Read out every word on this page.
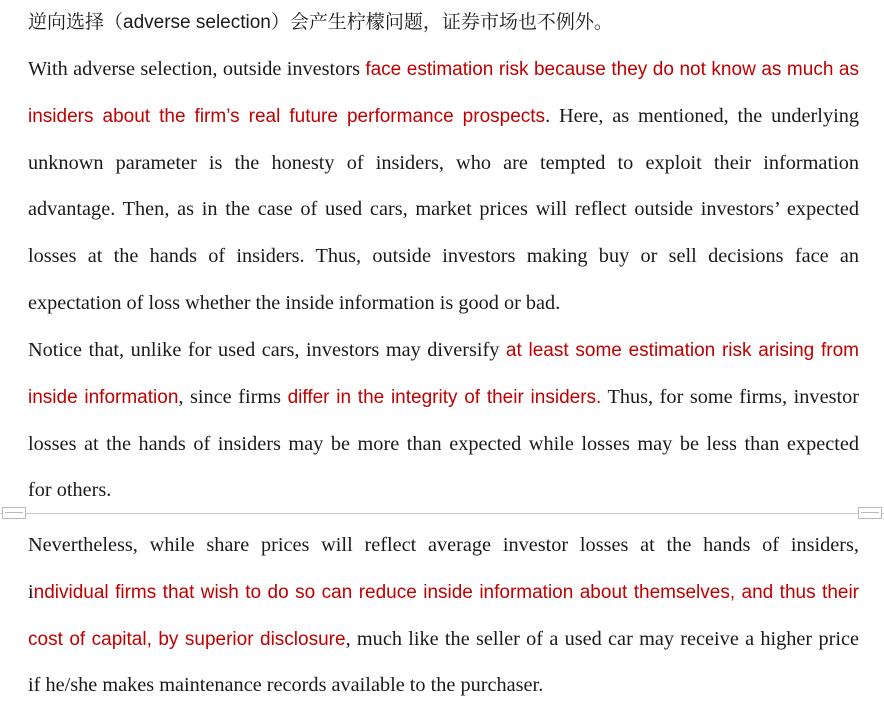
逆向选择（adverse selection）会产生柠檬问题，证券市场也不例外。
With adverse selection, outside investors face estimation risk because they do not know as much as
insiders about the firm’s real future performance prospects. Here, as mentioned, the underlying
unknown parameter is the honesty of insiders, who are tempted to exploit their information
advantage. Then, as in the case of used cars, market prices will reflect outside investors’ expected
losses at the hands of insiders. Thus, outside investors making buy or sell decisions face an
expectation of loss whether the inside information is good or bad.
Notice that, unlike for used cars, investors may diversify at least some estimation risk arising from
inside information, since firms differ in the integrity of their insiders. Thus, for some firms, investor
losses at the hands of insiders may be more than expected while losses may be less than expected
for others.
Nevertheless, while share prices will reflect average investor losses at the hands of insiders,
individual firms that wish to do so can reduce inside information about themselves, and thus their
cost of capital, by superior disclosure, much like the seller of a used car may receive a higher price
if he/she makes maintenance records available to the purchaser.
